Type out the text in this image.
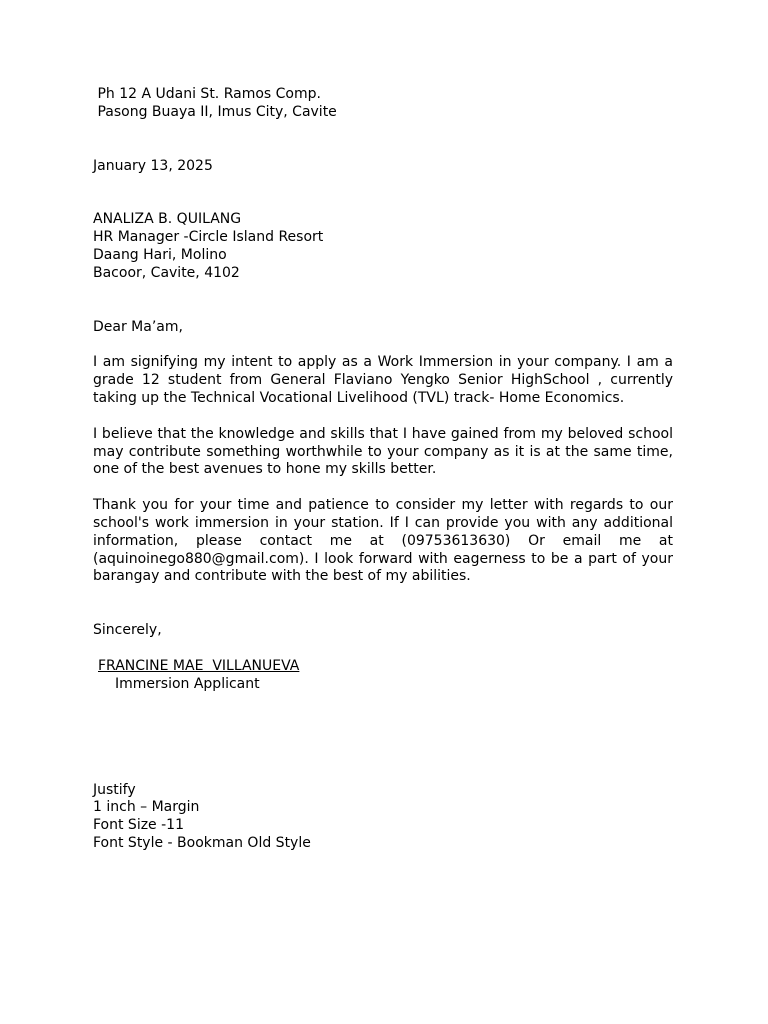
Ph 12 A Udani St. Ramos Comp.
Pasong Buaya II, Imus City, Cavite
January 13, 2025
ANALIZA B. QUILANG
HR Manager -Circle Island Resort
Daang Hari, Molino
Bacoor, Cavite, 4102
Dear Ma’am,
I am signifying my intent to apply as a Work Immersion in your company. I am a grade 12 student from General Flaviano Yengko Senior HighSchool , currently taking up the Technical Vocational Livelihood (TVL) track- Home Economics.
I believe that the knowledge and skills that I have gained from my beloved school may contribute something worthwhile to your company as it is at the same time, one of the best avenues to hone my skills better.
Thank you for your time and patience to consider my letter with regards to our school's work immersion in your station. If I can provide you with any additional information, please contact me at (09753613630) Or email me at (aquinoinego880@gmail.com). I look forward with eagerness to be a part of your barangay and contribute with the best of my abilities.
Sincerely,
FRANCINE MAE  VILLANUEVA
Immersion Applicant
Justify
1 inch – Margin
Font Size -11
Font Style - Bookman Old Style
